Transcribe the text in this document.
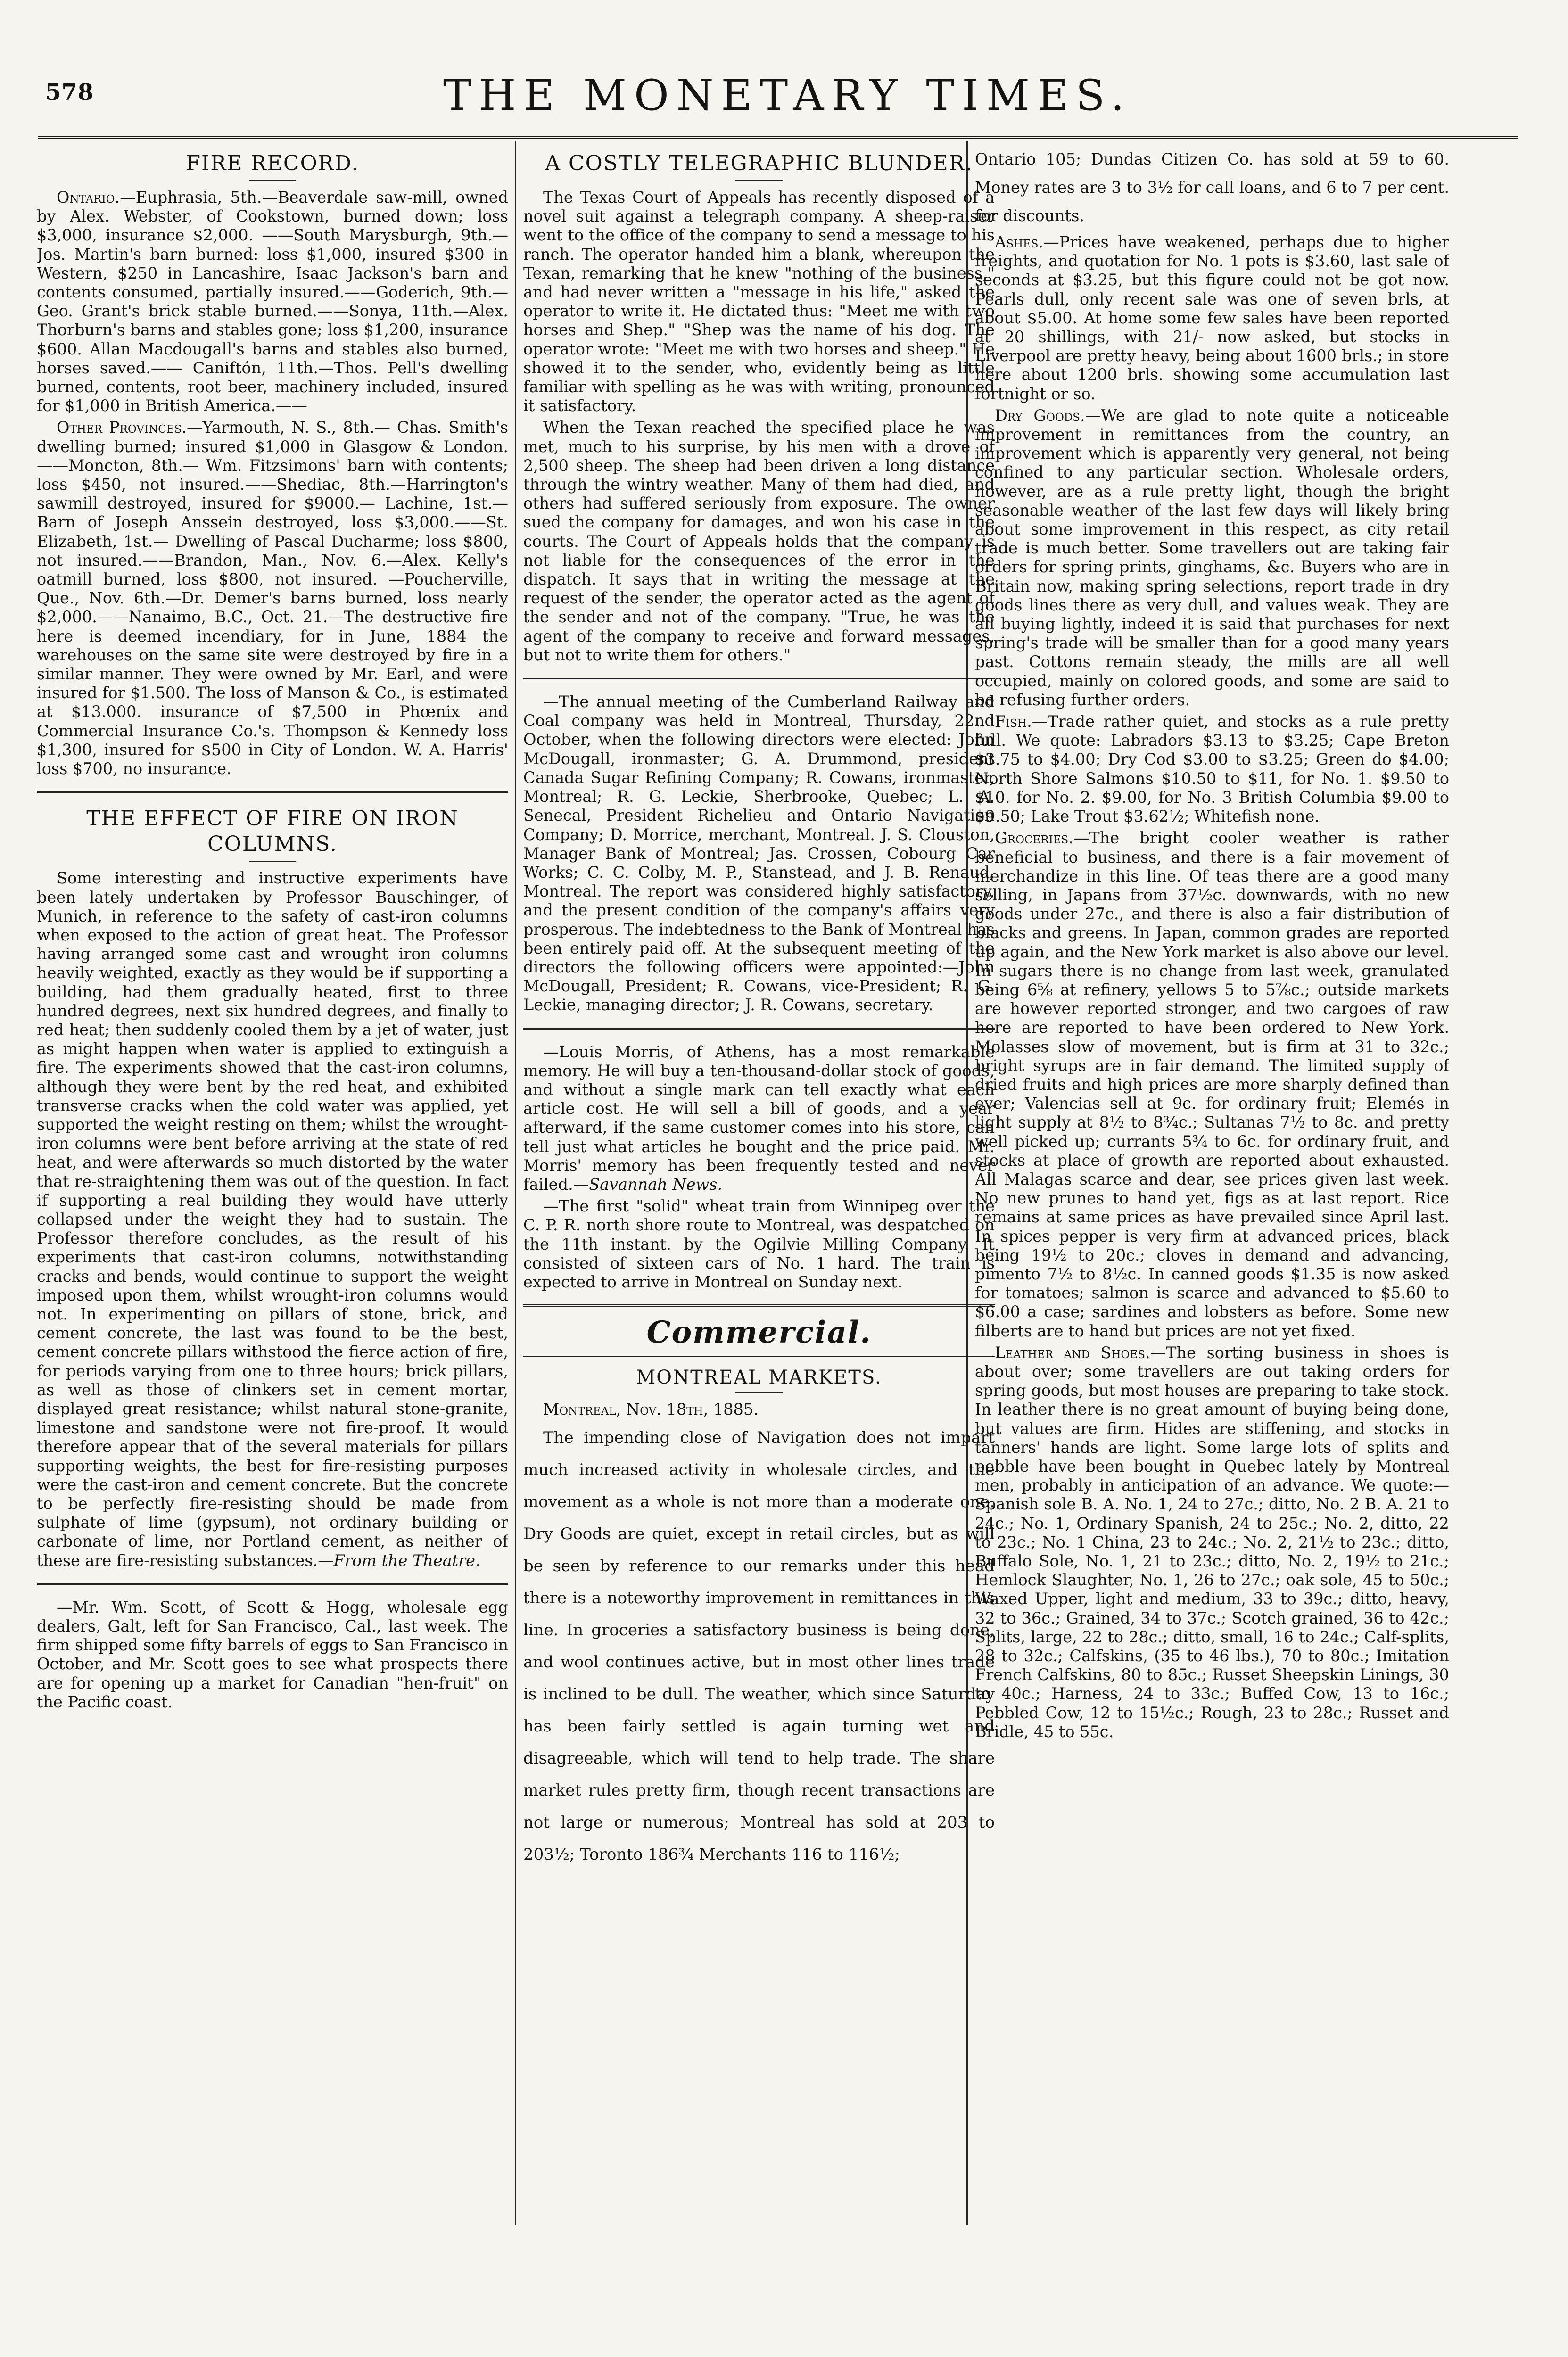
578	THE MONETARY TIMES.
FIRE RECORD.

Ontario.—Euphrasia, 5th.—Beaverdale saw-mill, owned by Alex. Webster, of Cookstown, burned down; loss $3,000, insurance $2,000. ——South Marysburgh, 9th.—Jos. Martin's barn burned: loss $1,000, insured $300 in Western, $250 in Lancashire, Isaac Jackson's barn and contents consumed, partially insured.——Goderich, 9th.—Geo. Grant's brick stable burned.——Sonya, 11th.—Alex. Thorburn's barns and stables gone; loss $1,200, insurance $600. Allan Macdougall's barns and stables also burned, horses saved.—— Caniftón, 11th.—Thos. Pell's dwelling burned, contents, root beer, machinery included, insured for $1,000 in British America.——

Other Provinces.—Yarmouth, N. S., 8th.— Chas. Smith's dwelling burned; insured $1,000 in Glasgow & London.——Moncton, 8th.— Wm. Fitzsimons' barn with contents; loss $450, not insured.——Shediac, 8th.—Harrington's sawmill destroyed, insured for $9000.— Lachine, 1st.—Barn of Joseph Anssein destroyed, loss $3,000.——St. Elizabeth, 1st.— Dwelling of Pascal Ducharme; loss $800, not insured.——Brandon, Man., Nov. 6.—Alex. Kelly's oatmill burned, loss $800, not insured. —Poucherville, Que., Nov. 6th.—Dr. Demer's barns burned, loss nearly $2,000.——Nanaimo, B.C., Oct. 21.—The destructive fire here is deemed incendiary, for in June, 1884 the warehouses on the same site were destroyed by fire in a similar manner. They were owned by Mr. Earl, and were insured for $1.500. The loss of Manson & Co., is estimated at $13.000. insurance of $7,500 in Phœnix and Commercial Insurance Co.'s. Thompson & Kennedy loss $1,300, insured for $500 in City of London. W. A. Harris' loss $700, no insurance.

THE EFFECT OF FIRE ON IRON COLUMNS.

Some interesting and instructive experiments have been lately undertaken by Professor Bauschinger, of Munich, in reference to the safety of cast-iron columns when exposed to the action of great heat. The Professor having arranged some cast and wrought iron columns heavily weighted, exactly as they would be if supporting a building, had them gradually heated, first to three hundred degrees, next six hundred degrees, and finally to red heat; then suddenly cooled them by a jet of water, just as might happen when water is applied to extinguish a fire. The experiments showed that the cast-iron columns, although they were bent by the red heat, and exhibited transverse cracks when the cold water was applied, yet supported the weight resting on them; whilst the wrought-iron columns were bent before arriving at the state of red heat, and were afterwards so much distorted by the water that re-straightening them was out of the question. In fact if supporting a real building they would have utterly collapsed under the weight they had to sustain. The Professor therefore concludes, as the result of his experiments that cast-iron columns, notwithstanding cracks and bends, would continue to support the weight imposed upon them, whilst wrought-iron columns would not. In experimenting on pillars of stone, brick, and cement concrete, the last was found to be the best, cement concrete pillars withstood the fierce action of fire, for periods varying from one to three hours; brick pillars, as well as those of clinkers set in cement mortar, displayed great resistance; whilst natural stone-granite, limestone and sandstone were not fire-proof. It would therefore appear that of the several materials for pillars supporting weights, the best for fire-resisting purposes were the cast-iron and cement concrete. But the concrete to be perfectly fire-resisting should be made from sulphate of lime (gypsum), not ordinary building or carbonate of lime, nor Portland cement, as neither of these are fire-resisting substances.—From the Theatre.

—Mr. Wm. Scott, of Scott & Hogg, wholesale egg dealers, Galt, left for San Francisco, Cal., last week. The firm shipped some fifty barrels of eggs to San Francisco in October, and Mr. Scott goes to see what prospects there are for opening up a market for Canadian "hen-fruit" on the Pacific coast.

A COSTLY TELEGRAPHIC BLUNDER.

The Texas Court of Appeals has recently disposed of a novel suit against a telegraph company. A sheep-raiser went to the office of the company to send a message to his ranch. The operator handed him a blank, whereupon the Texan, remarking that he knew "nothing of the business," and had never written a "message in his life," asked the operator to write it. He dictated thus: "Meet me with two horses and Shep." "Shep was the name of his dog. The operator wrote: "Meet me with two horses and sheep." He showed it to the sender, who, evidently being as little familiar with spelling as he was with writing, pronounced it satisfactory.

When the Texan reached the specified place he was met, much to his surprise, by his men with a drove of 2,500 sheep. The sheep had been driven a long distance through the wintry weather. Many of them had died, and others had suffered seriously from exposure. The owner sued the company for damages, and won his case in the courts. The Court of Appeals holds that the company is not liable for the consequences of the error in the dispatch. It says that in writing the message at the request of the sender, the operator acted as the agent of the sender and not of the company. "True, he was the agent of the company to receive and forward messages, but not to write them for others."

—The annual meeting of the Cumberland Railway and Coal company was held in Montreal, Thursday, 22nd October, when the following directors were elected: John McDougall, ironmaster; G. A. Drummond, president Canada Sugar Refining Company; R. Cowans, ironmaster, Montreal; R. G. Leckie, Sherbrooke, Quebec; L. A. Senecal, President Richelieu and Ontario Navigation Company; D. Morrice, merchant, Montreal. J. S. Clouston, Manager Bank of Montreal; Jas. Crossen, Cobourg Car Works; C. C. Colby, M. P., Stanstead, and J. B. Renaud, Montreal. The report was considered highly satisfactory, and the present condition of the company's affairs very prosperous. The indebtedness to the Bank of Montreal has been entirely paid off. At the subsequent meeting of the directors the following officers were appointed:—John McDougall, President; R. Cowans, vice-President; R. G. Leckie, managing director; J. R. Cowans, secretary.

—Louis Morris, of Athens, has a most remarkable memory. He will buy a ten-thousand-dollar stock of goods, and without a single mark can tell exactly what each article cost. He will sell a bill of goods, and a year afterward, if the same customer comes into his store, can tell just what articles he bought and the price paid. Mr. Morris' memory has been frequently tested and never failed.—Savannah News.

—The first "solid" wheat train from Winnipeg over the C. P. R. north shore route to Montreal, was despatched on the 11th instant. by the Ogilvie Milling Company. It consisted of sixteen cars of No. 1 hard. The train is expected to arrive in Montreal on Sunday next.

Commercial.
MONTREAL MARKETS.

Montreal, Nov. 18th, 1885.

The impending close of Navigation does not impart much increased activity in wholesale circles, and the movement as a whole is not more than a moderate one. Dry Goods are quiet, except in retail circles, but as will be seen by reference to our remarks under this head there is a noteworthy improvement in remittances in this line. In groceries a satisfactory business is being done, and wool continues active, but in most other lines trade is inclined to be dull. The weather, which since Saturday has been fairly settled is again turning wet and disagreeable, which will tend to help trade. The share market rules pretty firm, though recent transactions are not large or numerous; Montreal has sold at 203 to 203½; Toronto 186¾ Merchants 116 to 116½;

Ontario 105; Dundas Citizen Co. has sold at 59 to 60. Money rates are 3 to 3½ for call loans, and 6 to 7 per cent. for discounts.

Ashes.—Prices have weakened, perhaps due to higher freights, and quotation for No. 1 pots is $3.60, last sale of seconds at $3.25, but this figure could not be got now. Pearls dull, only recent sale was one of seven brls, at about $5.00. At home some few sales have been reported at 20 shillings, with 21/- now asked, but stocks in Liverpool are pretty heavy, being about 1600 brls.; in store here about 1200 brls. showing some accumulation last fortnight or so.

Dry Goods.—We are glad to note quite a noticeable improvement in remittances from the country, an improvement which is apparently very general, not being confined to any particular section. Wholesale orders, however, are as a rule pretty light, though the bright seasonable weather of the last few days will likely bring about some improvement in this respect, as city retail trade is much better. Some travellers out are taking fair orders for spring prints, ginghams, &c. Buyers who are in Britain now, making spring selections, report trade in dry goods lines there as very dull, and values weak. They are all buying lightly, indeed it is said that purchases for next spring's trade will be smaller than for a good many years past. Cottons remain steady, the mills are all well occupied, mainly on colored goods, and some are said to be refusing further orders.

Fish.—Trade rather quiet, and stocks as a rule pretty full. We quote: Labradors $3.13 to $3.25; Cape Breton $3.75 to $4.00; Dry Cod $3.00 to $3.25; Green do $4.00; North Shore Salmons $10.50 to $11, for No. 1. $9.50 to $10. for No. 2. $9.00, for No. 3 British Columbia $9.00 to $9.50; Lake Trout $3.62½; Whitefish none.

Groceries.—The bright cooler weather is rather beneficial to business, and there is a fair movement of merchandize in this line. Of teas there are a good many selling, in Japans from 37½c. downwards, with no new goods under 27c., and there is also a fair distribution of blacks and greens. In Japan, common grades are reported up again, and the New York market is also above our level. In sugars there is no change from last week, granulated being 6⅝ at refinery, yellows 5 to 5⅞c.; outside markets are however reported stronger, and two cargoes of raw here are reported to have been ordered to New York. Molasses slow of movement, but is firm at 31 to 32c.; bright syrups are in fair demand. The limited supply of dried fruits and high prices are more sharply defined than ever; Valencias sell at 9c. for ordinary fruit; Elemés in light supply at 8½ to 8¾c.; Sultanas 7½ to 8c. and pretty well picked up; currants 5¾ to 6c. for ordinary fruit, and stocks at place of growth are reported about exhausted. All Malagas scarce and dear, see prices given last week. No new prunes to hand yet, figs as at last report. Rice remains at same prices as have prevailed since April last. In spices pepper is very firm at advanced prices, black being 19½ to 20c.; cloves in demand and advancing, pimento 7½ to 8½c. In canned goods $1.35 is now asked for tomatoes; salmon is scarce and advanced to $5.60 to $6.00 a case; sardines and lobsters as before. Some new filberts are to hand but prices are not yet fixed.

Leather and Shoes.—The sorting business in shoes is about over; some travellers are out taking orders for spring goods, but most houses are preparing to take stock. In leather there is no great amount of buying being done, but values are firm. Hides are stiffening, and stocks in tanners' hands are light. Some large lots of splits and pebble have been bought in Quebec lately by Montreal men, probably in anticipation of an advance. We quote:—Spanish sole B. A. No. 1, 24 to 27c.; ditto, No. 2 B. A. 21 to 24c.; No. 1, Ordinary Spanish, 24 to 25c.; No. 2, ditto, 22 to 23c.; No. 1 China, 23 to 24c.; No. 2, 21½ to 23c.; ditto, Buffalo Sole, No. 1, 21 to 23c.; ditto, No. 2, 19½ to 21c.; Hemlock Slaughter, No. 1, 26 to 27c.; oak sole, 45 to 50c.; Waxed Upper, light and medium, 33 to 39c.; ditto, heavy, 32 to 36c.; Grained, 34 to 37c.; Scotch grained, 36 to 42c.; Splits, large, 22 to 28c.; ditto, small, 16 to 24c.; Calf-splits, 28 to 32c.; Calfskins, (35 to 46 lbs.), 70 to 80c.; Imitation French Calfskins, 80 to 85c.; Russet Sheepskin Linings, 30 to 40c.; Harness, 24 to 33c.; Buffed Cow, 13 to 16c.; Pebbled Cow, 12 to 15½c.; Rough, 23 to 28c.; Russet and Bridle, 45 to 55c.
